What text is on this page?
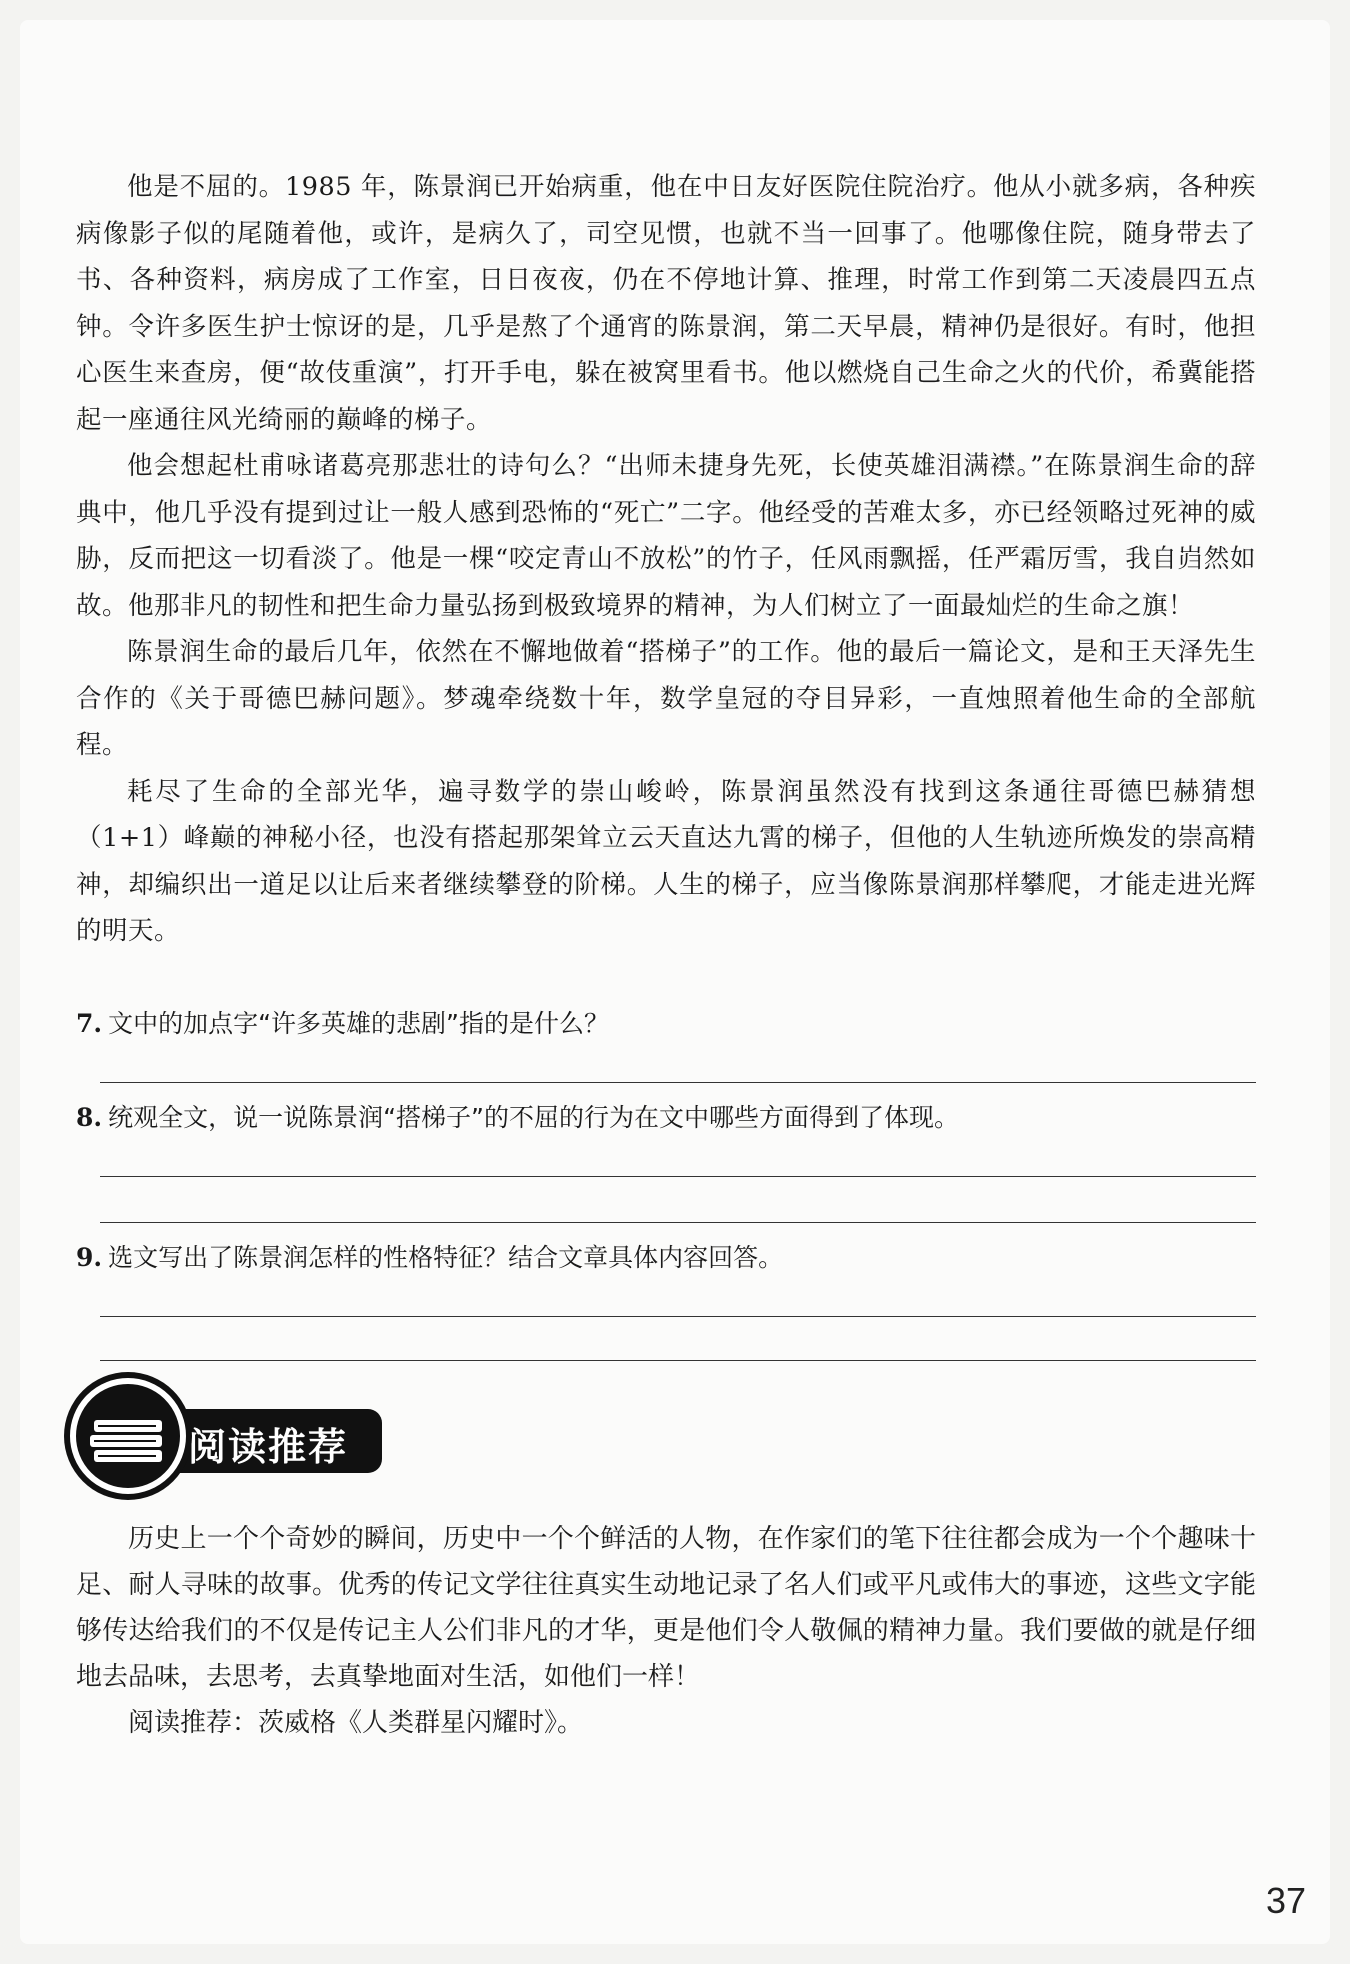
他是不屈的。1985 年，陈景润已开始病重，他在中日友好医院住院治疗。他从小就多病，各种疾病像影子似的尾随着他，或许，是病久了，司空见惯，也就不当一回事了。他哪像住院，随身带去了书、各种资料，病房成了工作室，日日夜夜，仍在不停地计算、推理，时常工作到第二天凌晨四五点钟。令许多医生护士惊讶的是，几乎是熬了个通宵的陈景润，第二天早晨，精神仍是很好。有时，他担心医生来查房，便“故伎重演”，打开手电，躲在被窝里看书。他以燃烧自己生命之火的代价，希冀能搭起一座通往风光绮丽的巅峰的梯子。

他会想起杜甫咏诸葛亮那悲壮的诗句么？“出师未捷身先死，长使英雄泪满襟。”在陈景润生命的辞典中，他几乎没有提到过让一般人感到恐怖的“死亡”二字。他经受的苦难太多，亦已经领略过死神的威胁，反而把这一切看淡了。他是一棵“咬定青山不放松”的竹子，任风雨飘摇，任严霜厉雪，我自岿然如故。他那非凡的韧性和把生命力量弘扬到极致境界的精神，为人们树立了一面最灿烂的生命之旗！

陈景润生命的最后几年，依然在不懈地做着“搭梯子”的工作。他的最后一篇论文，是和王天泽先生合作的《关于哥德巴赫问题》。梦魂牵绕数十年，数学皇冠的夺目异彩，一直烛照着他生命的全部航程。

耗尽了生命的全部光华，遍寻数学的崇山峻岭，陈景润虽然没有找到这条通往哥德巴赫猜想（1+1）峰巅的神秘小径，也没有搭起那架耸立云天直达九霄的梯子，但他的人生轨迹所焕发的崇高精神，却编织出一道足以让后来者继续攀登的阶梯。人生的梯子，应当像陈景润那样攀爬，才能走进光辉的明天。

7. 文中的加点字“许多英雄的悲剧”指的是什么？
8. 统观全文，说一说陈景润“搭梯子”的不屈的行为在文中哪些方面得到了体现。
9. 选文写出了陈景润怎样的性格特征？结合文章具体内容回答。
阅读推荐

历史上一个个奇妙的瞬间，历史中一个个鲜活的人物，在作家们的笔下往往都会成为一个个趣味十足、耐人寻味的故事。优秀的传记文学往往真实生动地记录了名人们或平凡或伟大的事迹，这些文字能够传达给我们的不仅是传记主人公们非凡的才华，更是他们令人敬佩的精神力量。我们要做的就是仔细地去品味，去思考，去真挚地面对生活，如他们一样！

阅读推荐：茨威格《人类群星闪耀时》。

37
